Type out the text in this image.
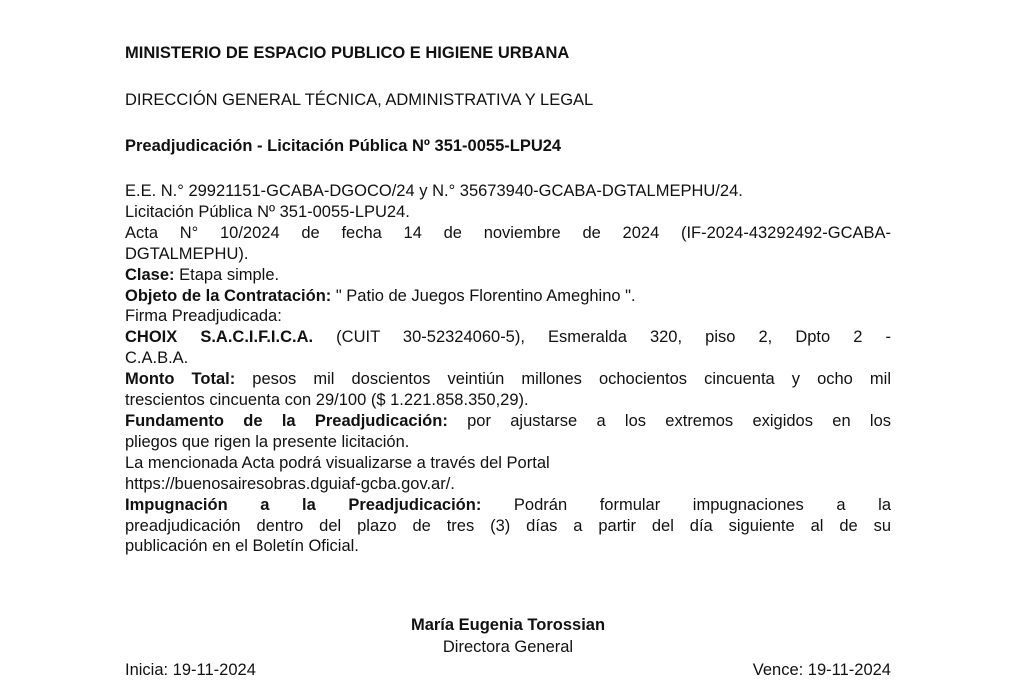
MINISTERIO DE ESPACIO PUBLICO E HIGIENE URBANA
DIRECCIÓN GENERAL TÉCNICA, ADMINISTRATIVA Y LEGAL
Preadjudicación - Licitación Pública Nº 351-0055-LPU24
E.E. N.° 29921151-GCABA-DGOCO/24 y N.° 35673940-GCABA-DGTALMEPHU/24.
Licitación Pública Nº 351-0055-LPU24.
Acta N° 10/2024 de fecha 14 de noviembre de 2024 (IF-2024-43292492-GCABA-
DGTALMEPHU).
Clase: Etapa simple.
Objeto de la Contratación: " Patio de Juegos Florentino Ameghino ".
Firma Preadjudicada:
CHOIX S.A.C.I.F.I.C.A. (CUIT 30-52324060-5), Esmeralda 320, piso 2, Dpto 2 -
C.A.B.A.
Monto Total: pesos mil doscientos veintiún millones ochocientos cincuenta y ocho mil
trescientos cincuenta con 29/100 ($ 1.221.858.350,29).
Fundamento de la Preadjudicación: por ajustarse a los extremos exigidos en los
pliegos que rigen la presente licitación.
La mencionada Acta podrá visualizarse a través del Portal
https://buenosairesobras.dguiaf-gcba.gov.ar/.
Impugnación a la Preadjudicación: Podrán formular impugnaciones a la
preadjudicación dentro del plazo de tres (3) días a partir del día siguiente al de su
publicación en el Boletín Oficial.
María Eugenia Torossian
Directora General
Inicia: 19-11-2024	Vence: 19-11-2024
